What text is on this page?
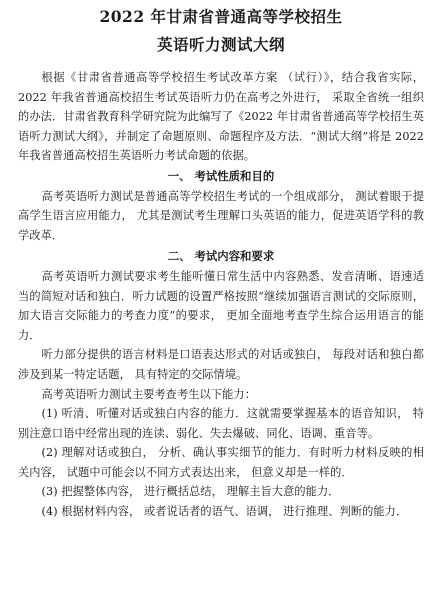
2022 年甘肃省普通高等学校招生
英语听力测试大纲

根据《甘肃省普通高等学校招生考试改革方案 （试行）》，结合我省实际，2022 年我省普通高校招生考试英语听力仍在高考之外进行， 采取全省统一组织的办法．甘肃省教育科学研究院为此编写了《2022 年甘肃省普通高等学校招生英语听力测试大纲》，并制定了命题原则、命题程序及方法．“测试大纲”将是 2022 年我省普通高校招生英语听力考试命题的依据。

一、 考试性质和目的

高考英语听力测试是普通高等学校招生考试的一个组成部分， 测试着眼于提高学生语言应用能力， 尤其是测试考生理解口头英语的能力，促进英语学科的教学改革．

二、 考试内容和要求

高考英语听力测试要求考生能听懂日常生活中内容熟悉、发音清晰、语速适当的简短对话和独白．听力试题的设置严格按照“继续加强语言测试的交际原则， 加大语言交际能力的考查力度”的要求， 更加全面地考查学生综合运用语言的能力．

听力部分提供的语言材料是口语表达形式的对话或独白， 每段对话和独白都涉及到某一特定话题， 具有特定的交际情境。

高考英语听力测试主要考查考生以下能力：

(1) 听清、听懂对话或独白内容的能力．这就需要掌握基本的语音知识， 特别注意口语中经常出现的连读、弱化、失去爆破、同化、语调、重音等。

(2) 理解对话或独白， 分析、确认事实细节的能力．有时听力材料反映的相关内容， 试题中可能会以不同方式表达出来， 但意义却是一样的．

(3) 把握整体内容， 进行概括总结， 理解主旨大意的能力．

(4) 根据材料内容， 或者说话者的语气、语调， 进行推理、判断的能力．
